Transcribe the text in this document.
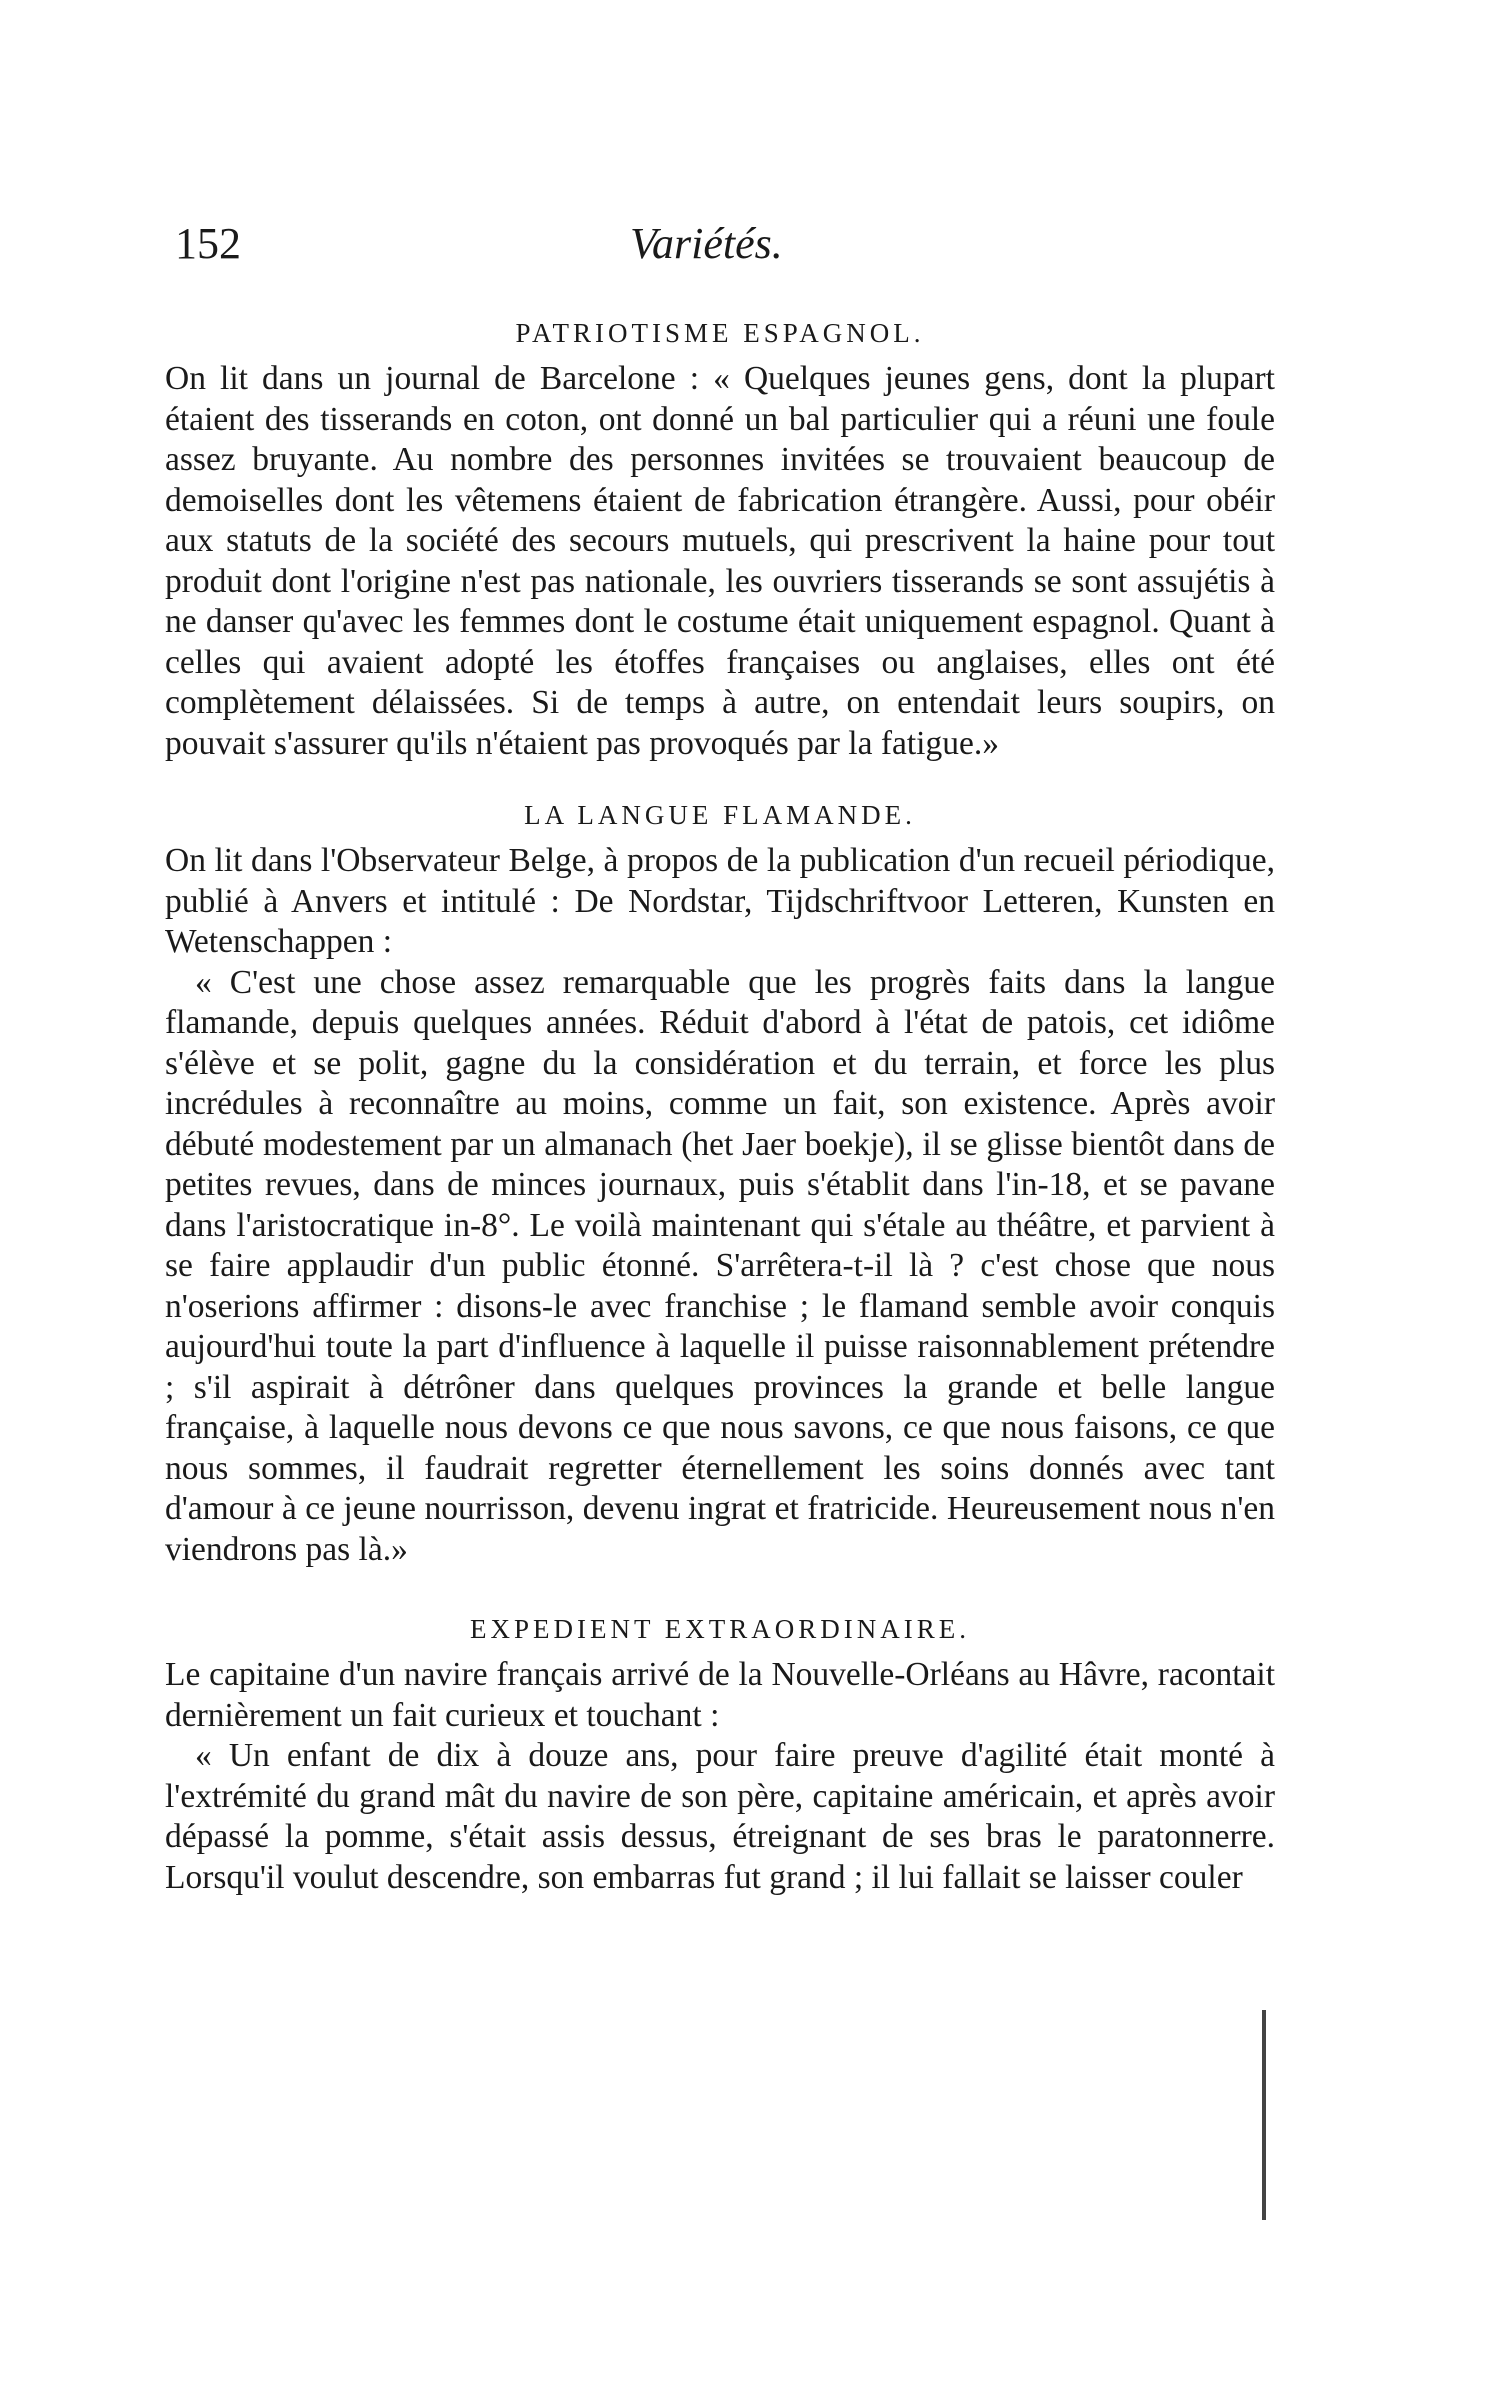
152	Variétés.
PATRIOTISME ESPAGNOL.

On lit dans un journal de Barcelone : « Quelques jeunes gens, dont la plupart étaient des tisserands en coton, ont donné un bal particulier qui a réuni une foule assez bruyante. Au nombre des personnes invitées se trouvaient beaucoup de demoiselles dont les vêtemens étaient de fabrication étrangère. Aussi, pour obéir aux statuts de la société des secours mutuels, qui prescrivent la haine pour tout produit dont l'origine n'est pas nationale, les ouvriers tisserands se sont assujétis à ne danser qu'avec les femmes dont le costume était uniquement espagnol. Quant à celles qui avaient adopté les étoffes françaises ou anglaises, elles ont été complètement délaissées. Si de temps à autre, on entendait leurs soupirs, on pouvait s'assurer qu'ils n'étaient pas provoqués par la fatigue.»

LA LANGUE FLAMANDE.

On lit dans l'Observateur Belge, à propos de la publication d'un recueil périodique, publié à Anvers et intitulé : De Nordstar, Tijdschriftvoor Letteren, Kunsten en Wetenschappen :

« C'est une chose assez remarquable que les progrès faits dans la langue flamande, depuis quelques années. Réduit d'abord à l'état de patois, cet idiôme s'élève et se polit, gagne du la considération et du terrain, et force les plus incrédules à reconnaître au moins, comme un fait, son existence. Après avoir débuté modestement par un almanach (het Jaer boekje), il se glisse bientôt dans de petites revues, dans de minces journaux, puis s'établit dans l'in-18, et se pavane dans l'aristocratique in-8°. Le voilà maintenant qui s'étale au théâtre, et parvient à se faire applaudir d'un public étonné. S'arrêtera-t-il là ? c'est chose que nous n'oserions affirmer : disons-le avec franchise ; le flamand semble avoir conquis aujourd'hui toute la part d'influence à laquelle il puisse raisonnablement prétendre ; s'il aspirait à détrôner dans quelques provinces la grande et belle langue française, à laquelle nous devons ce que nous savons, ce que nous faisons, ce que nous sommes, il faudrait regretter éternellement les soins donnés avec tant d'amour à ce jeune nourrisson, devenu ingrat et fratricide. Heureusement nous n'en viendrons pas là.»

EXPEDIENT EXTRAORDINAIRE.

Le capitaine d'un navire français arrivé de la Nouvelle-Orléans au Hâvre, racontait dernièrement un fait curieux et touchant :

« Un enfant de dix à douze ans, pour faire preuve d'agilité était monté à l'extrémité du grand mât du navire de son père, capitaine américain, et après avoir dépassé la pomme, s'était assis dessus, étreignant de ses bras le paratonnerre. Lorsqu'il voulut descendre, son embarras fut grand ; il lui fallait se laisser couler
